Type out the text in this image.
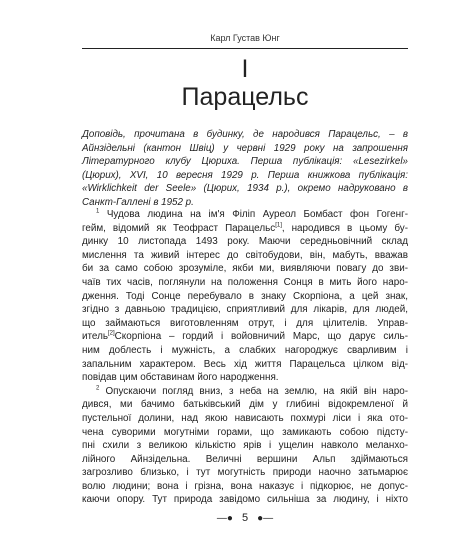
Карл Густав Юнг
I
Парацельс
Доповідь, прочитана в будинку, де народився Парацельс, – в
Айнзідельні (кантон Швіц) у червні 1929 року на запрошення
Літературного клубу Цюриха. Перша публікація: «Lesezirkel»
(Цюрих), XVI, 10 вересня 1929 р. Перша книжкова публікація:
«Wirklichkeit der Seele» (Цюрих, 1934 р.), окремо надруковано в
Санкт-Галлені в 1952 р.
$^1$ Чудова людина на ім'я Філіп Ауреол Бомбаст фон Гогенг-
гейм, відомий як Теофраст Парацельс[1], народився в цьому бу-
динку 10 листопада 1493 року. Маючи середньовічний склад
мислення та живий інтерес до світобудови, він, мабуть, вважав
би за само собою зрозуміле, якби ми, виявляючи повагу до зви-
чаїв тих часів, поглянули на положення Сонця в мить його наро-
дження. Тоді Сонце перебувало в знаку Скорпіона, а цей знак,
згідно з давньою традицією, сприятливий для лікарів, для людей,
що займаються виготовленням отрут, і для цілителів. Управ-
итель[2]Скорпіона – гордий і войовничий Марс, що дарує силь-
ним доблесть і мужність, а слабких нагороджує сварливим і
запальним характером. Весь хід життя Парацельса цілком від-
повідав цим обставинам його народження.
$^2$ Опускаючи погляд вниз, з неба на землю, на якій він наро-
дився, ми бачимо батьківський дім у глибині відокремленої й
пустельної долини, над якою нависають похмурі ліси і яка ото-
чена суворими могутніми горами, що замикають собою підсту-
пні схили з великою кількістю ярів і ущелин навколо меланхо-
лійного Айнзідельна. Величні вершини Альп здіймаються
загрозливо близько, і тут могутність природи наочно затьмарює
волю людини; вона і грізна, вона наказує і підкорює, не допус-
каючи опору. Тут природа завідомо сильніша за людину, і ніхто
—● 5 ●—
